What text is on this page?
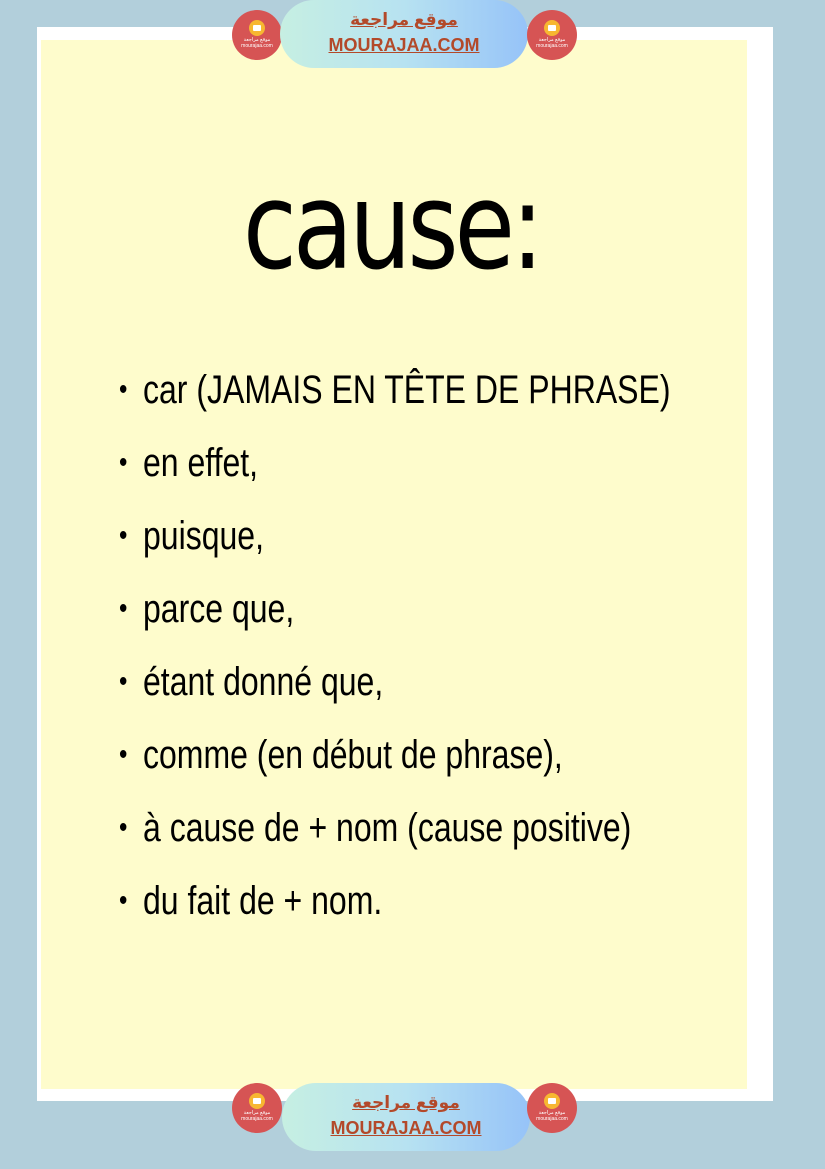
cause:
• car (JAMAIS EN TÊTE DE PHRASE)
• en effet,
• puisque,
• parce que,
• étant donné que,
• comme (en début de phrase),
• à cause de + nom (cause positive)
• du fait de + nom.
موقع مراجعة
mourajaa.com
موقع مراجعة
MOURAJAA.COM	موقع مراجعة
mourajaa.com
موقع مراجعة
mourajaa.com
موقع مراجعة
MOURAJAA.COM
موقع مراجعة
mourajaa.com
